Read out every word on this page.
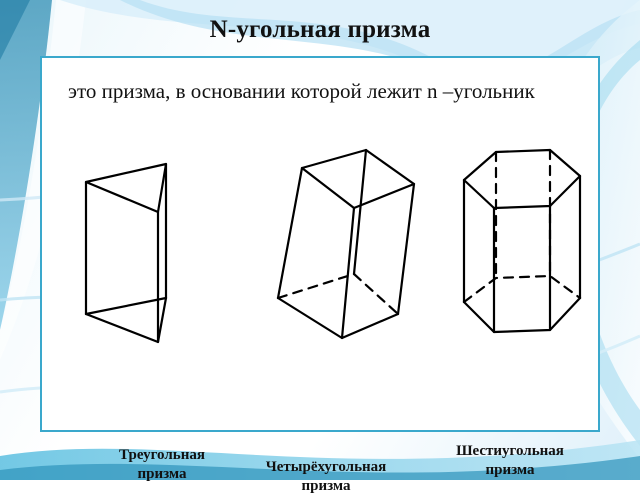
N-угольная призма
это призма, в основании которой лежит n –угольник
Треугольная
призма	Четырёхугольная
призма
Шестиугольная
призма
